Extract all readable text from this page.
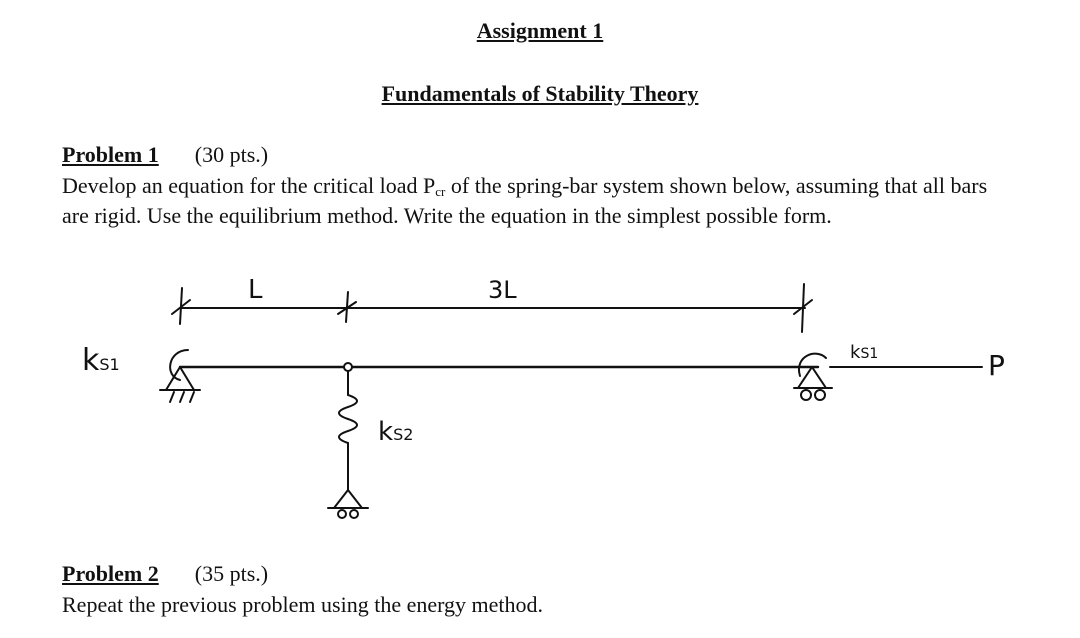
Assignment 1
Fundamentals of Stability Theory
Problem 1 (30 pts.)
Develop an equation for the critical load $P_{cr}$ of the spring-bar system shown below, assuming that all bars are rigid. Use the equilibrium method. Write the equation in the simplest possible form.
L	3L
kS1
kS2
kS1	P
Problem 2 (35 pts.)
Repeat the previous problem using the energy method.
